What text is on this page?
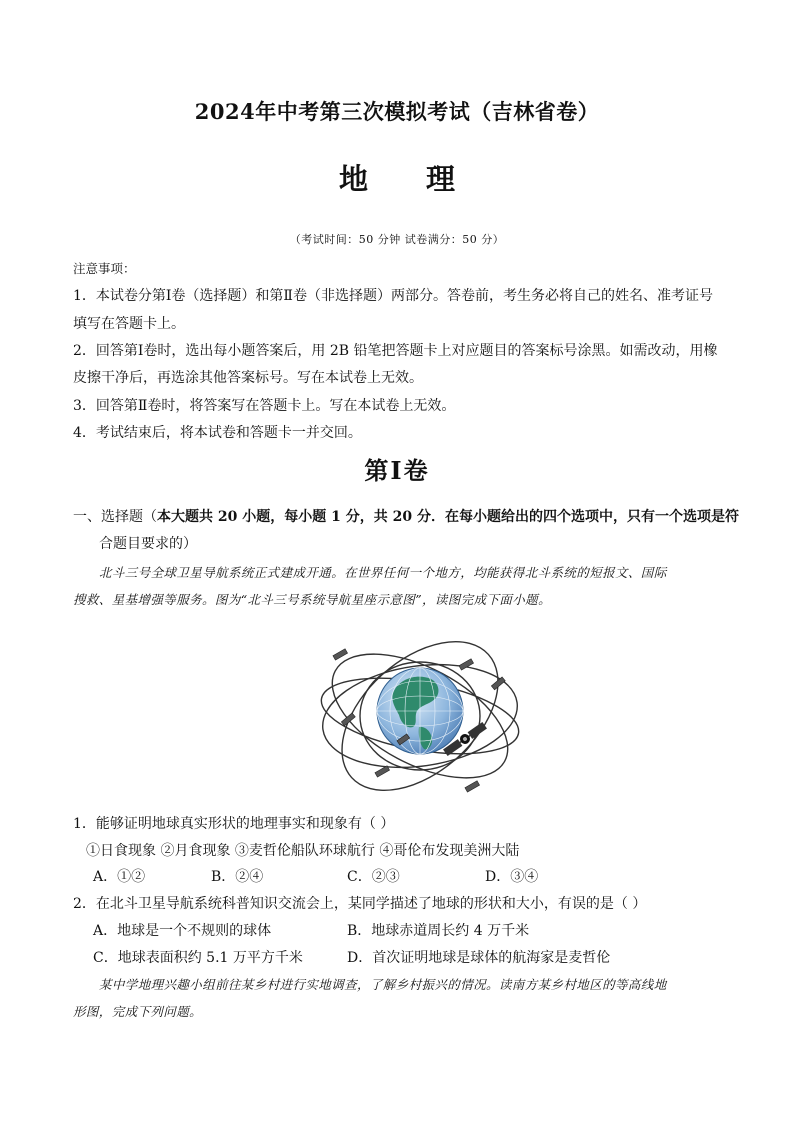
2024年中考第三次模拟考试（吉林省卷）
地 理
（考试时间：50 分钟 试卷满分：50 分）
注意事项：
1．本试卷分第Ⅰ卷（选择题）和第Ⅱ卷（非选择题）两部分。答卷前，考生务必将自己的姓名、准考证号
填写在答题卡上。
2．回答第Ⅰ卷时，选出每小题答案后，用 2B 铅笔把答题卡上对应题目的答案标号涂黑。如需改动，用橡
皮擦干净后，再选涂其他答案标号。写在本试卷上无效。
3．回答第Ⅱ卷时，将答案写在答题卡上。写在本试卷上无效。
4．考试结束后，将本试卷和答题卡一并交回。
第Ⅰ卷
一、选择题（本大题共 20 小题，每小题 1 分，共 20 分．在每小题给出的四个选项中，只有一个选项是符
合题目要求的）
北斗三号全球卫星导航系统正式建成开通。在世界任何一个地方，均能获得北斗系统的短报文、国际
搜救、星基增强等服务。图为“北斗三号系统导航星座示意图”，读图完成下面小题。
1．能够证明地球真实形状的地理事实和现象有（ ）
①日食现象 ②月食现象 ③麦哲伦船队环球航行 ④哥伦布发现美洲大陆
A．①②	B．②④	C．②③	D．③④
2．在北斗卫星导航系统科普知识交流会上，某同学描述了地球的形状和大小，有误的是（ ）
A．地球是一个不规则的球体	B．地球赤道周长约 4 万千米
C．地球表面积约 5.1 万平方千米	D．首次证明地球是球体的航海家是麦哲伦
某中学地理兴趣小组前往某乡村进行实地调查，了解乡村振兴的情况。读南方某乡村地区的等高线地
形图，完成下列问题。
